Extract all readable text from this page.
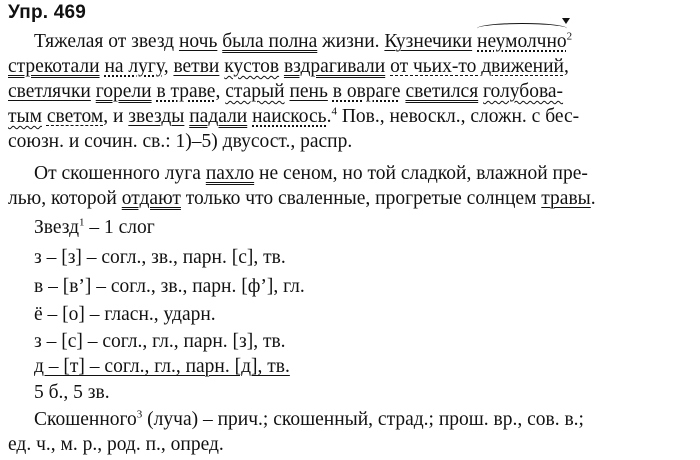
Упр. 469
Тяжелая от звезд ночь была полна жизни. Кузнечики неумолчно
$^2$
стрекотали на лугу, ветви кустов вздрагивали от чьих-то движений,
светлячки горели в траве, старый пень в овраге светился голубова-
тым светом, и звезды падали наискось.$^4$ Пов., невоскл., сложн. с бес-
союзн. и сочин. св.: 1)–5) двусост., распр.
От скошенного луга пахло не сеном, но той сладкой, влажной пре-
лью, которой отдают только что сваленные, прогретые солнцем травы.
Звезд$^1$ – 1 слог
з – [з] – согл., зв., парн. [с], тв.
в – [в’] – согл., зв., парн. [ф’], гл.
ё – [о] – гласн., ударн.
з – [с] – согл., гл., парн. [з], тв.
д – [т] – согл., гл., парн. [д], тв.
5 б., 5 зв.
Скошенного$^3$ (луча) – прич.; скошенный, страд.; прош. вр., сов. в.;
ед. ч., м. р., род. п., опред.
